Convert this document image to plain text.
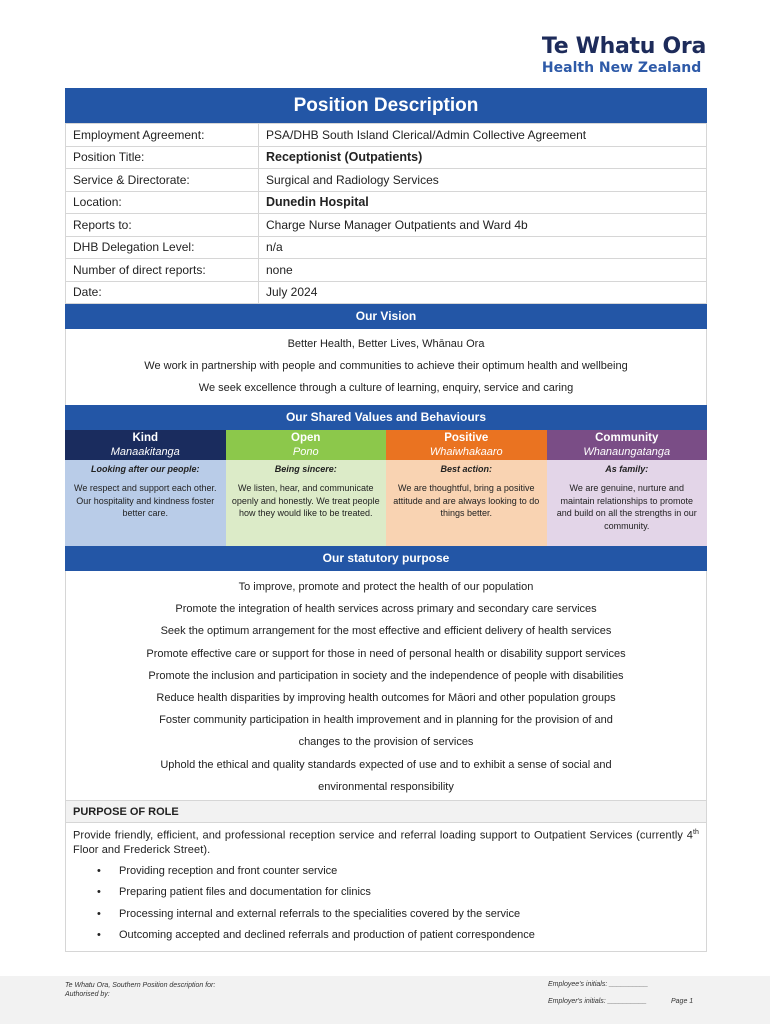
Te Whatu Ora
Health New Zealand
Position Description
Employment Agreement:	PSA/DHB South Island Clerical/Admin Collective Agreement
Position Title:	Receptionist (Outpatients)
Service & Directorate:	Surgical and Radiology Services
Location:	Dunedin Hospital
Reports to:	Charge Nurse Manager Outpatients and Ward 4b
DHB Delegation Level:	n/a
Number of direct reports:	none
Date:	July 2024
Our Vision
Better Health, Better Lives, Whānau Ora
We work in partnership with people and communities to achieve their optimum health and wellbeing
We seek excellence through a culture of learning, enquiry, service and caring
Our Shared Values and Behaviours
Kind
Manaakitanga
Looking after our people:
We respect and support each other. Our hospitality and kindness foster better care.
Open
Pono
Being sincere:
We listen, hear, and communicate openly and honestly. We treat people how they would like to be treated.
Positive
Whaiwhakaaro
Best action:
We are thoughtful, bring a positive attitude and are always looking to do things better.
Community
Whanaungatanga
As family:
We are genuine, nurture and maintain relationships to promote and build on all the strengths in our community.
Our statutory purpose
To improve, promote and protect the health of our population
Promote the integration of health services across primary and secondary care services
Seek the optimum arrangement for the most effective and efficient delivery of health services
Promote effective care or support for those in need of personal health or disability support services
Promote the inclusion and participation in society and the independence of people with disabilities
Reduce health disparities by improving health outcomes for Māori and other population groups
Foster community participation in health improvement and in planning for the provision of and
changes to the provision of services
Uphold the ethical and quality standards expected of use and to exhibit a sense of social and
environmental responsibility
PURPOSE OF ROLE
Provide friendly, efficient, and professional reception service and referral loading support to Outpatient Services (currently 4th Floor and Frederick Street).
• Providing reception and front counter service
• Preparing patient files and documentation for clinics
• Processing internal and external referrals to the specialities covered by the service
• Outcoming accepted and declined referrals and production of patient correspondence
Te Whatu Ora, Southern Position description for:
Authorised by:
Employee's initials: __________
Employer's initials: __________	Page 1
